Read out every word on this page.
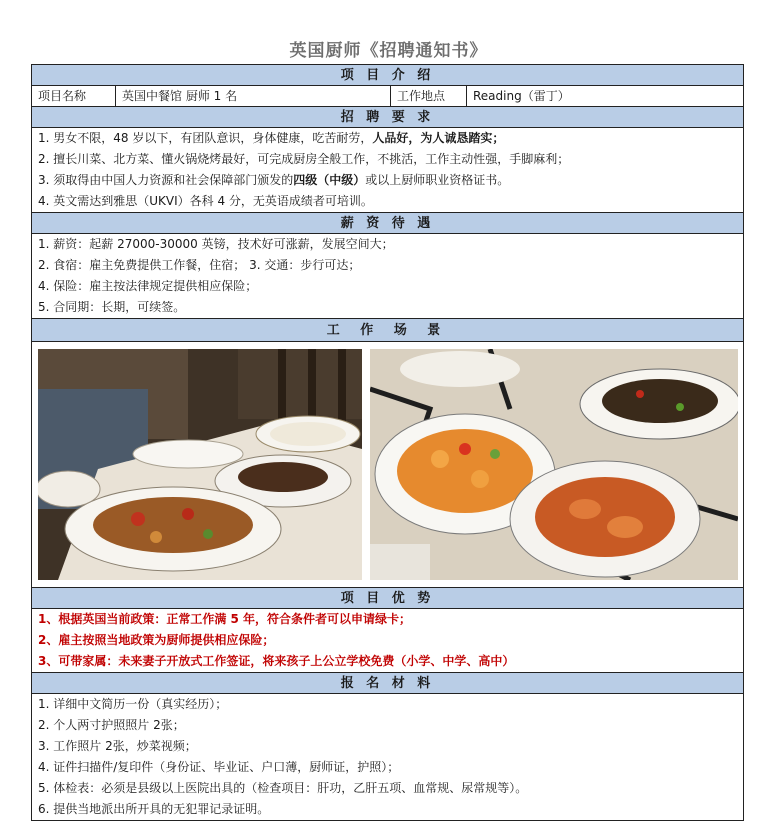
英国厨师《招聘通知书》
项 目 介 绍
项目名称	英国中餐馆 厨师 1 名	工作地点	Reading（雷丁）
招 聘 要 求
1. 男女不限，48 岁以下，有团队意识，身体健康，吃苦耐劳，人品好，为人诚恳踏实；
2. 擅长川菜、北方菜、懂火锅烧烤最好，可完成厨房全般工作，不挑活，工作主动性强，手脚麻利；
3. 须取得由中国人力资源和社会保障部门颁发的四级（中级）或以上厨师职业资格证书。
4. 英文需达到雅思（UKVI）各科 4 分，无英语成绩者可培训。
薪 资 待 遇
1. 薪资：起薪 27000-30000 英镑，技术好可涨薪，发展空间大；
2. 食宿：雇主免费提供工作餐，住宿； 3. 交通：步行可达；
4. 保险：雇主按法律规定提供相应保险；
5. 合同期：长期，可续签。
工 作 场 景
项 目 优 势
1、根据英国当前政策：正常工作满 5 年，符合条件者可以申请绿卡；
2、雇主按照当地政策为厨师提供相应保险；
3、可带家属：未来妻子开放式工作签证，将来孩子上公立学校免费（小学、中学、高中）
报 名 材 料
1. 详细中文简历一份（真实经历）；
2. 个人两寸护照照片 2张；
3. 工作照片 2张，炒菜视频；
4. 证件扫描件/复印件（身份证、毕业证、户口薄，厨师证，护照）；
5. 体检表：必须是县级以上医院出具的（检查项目：肝功，乙肝五项、血常规、尿常规等）。
6. 提供当地派出所开具的无犯罪记录证明。
